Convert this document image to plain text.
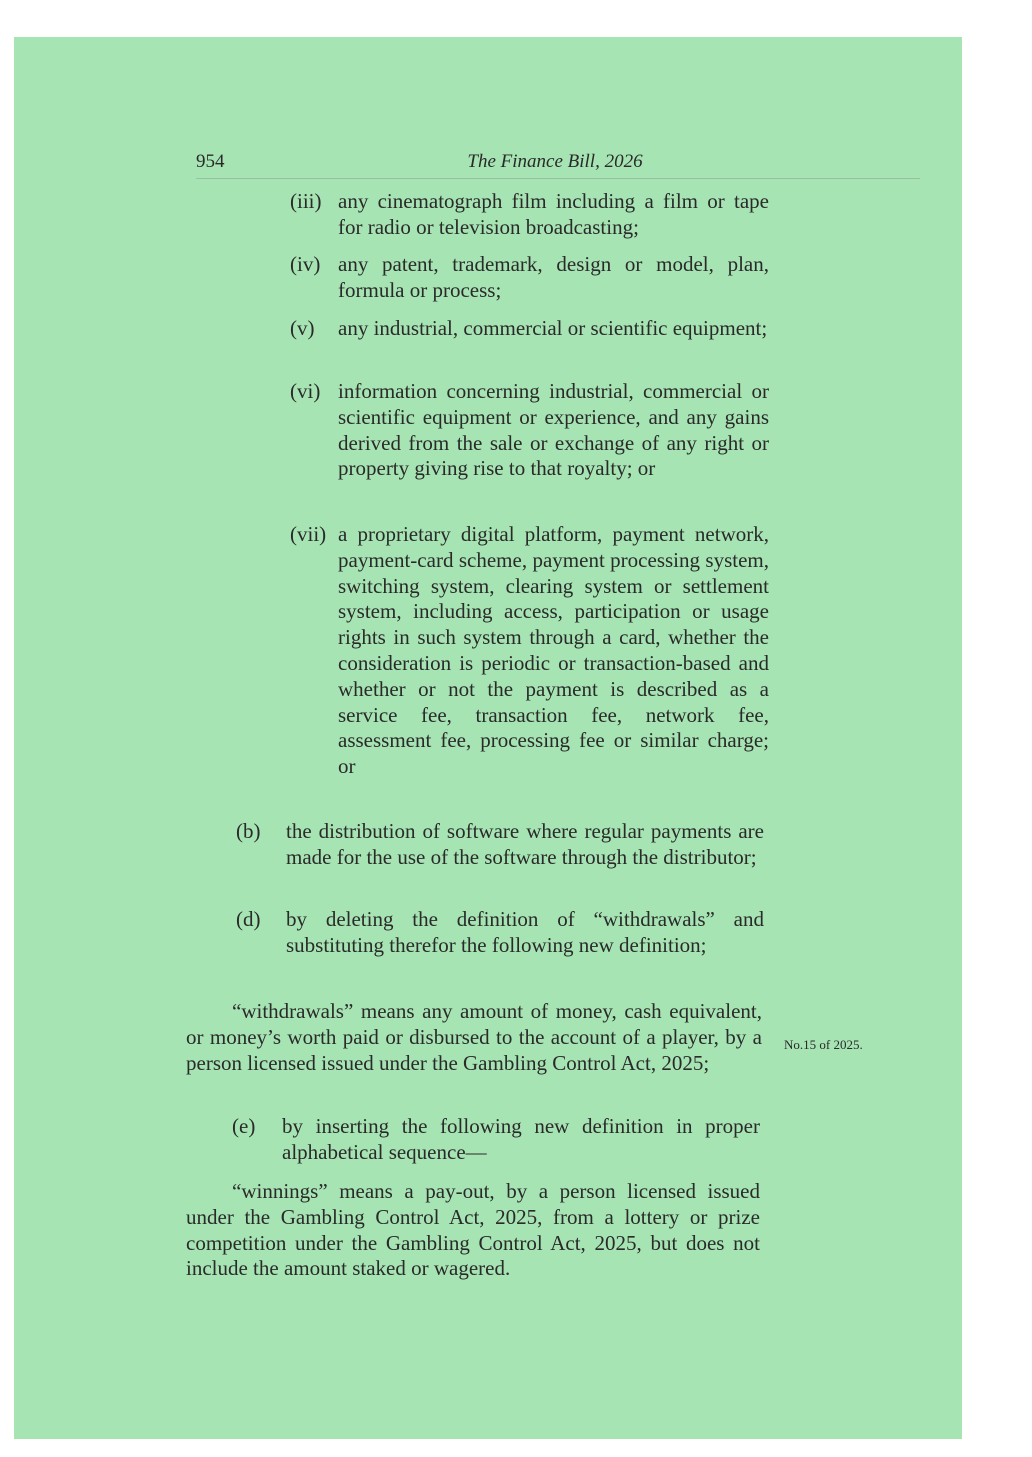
954	The Finance Bill, 2026
(iii) any cinematograph film including a film or tape for radio or television broadcasting;
(iv) any patent, trademark, design or model, plan, formula or process;
(v) any industrial, commercial or scientific equipment;
(vi) information concerning industrial, commercial or scientific equipment or experience, and any gains derived from the sale or exchange of any right or property giving rise to that royalty; or
(vii) a proprietary digital platform, payment network, payment-card scheme, payment processing system, switching system, clearing system or settlement system, including access, participation or usage rights in such system through a card, whether the consideration is periodic or transaction-based and whether or not the payment is described as a service fee, transaction fee, network fee, assessment fee, processing fee or similar charge; or
(b) the distribution of software where regular payments are made for the use of the software through the distributor;
(d) by deleting the definition of “withdrawals” and substituting therefor the following new definition;
“withdrawals” means any amount of money, cash equivalent, or money’s worth paid or disbursed to the account of a player, by a person licensed issued under the Gambling Control Act, 2025;
No.15 of 2025.
(e) by inserting the following new definition in proper alphabetical sequence—
“winnings” means a pay-out, by a person licensed issued under the Gambling Control Act, 2025, from a lottery or prize competition under the Gambling Control Act, 2025, but does not include the amount staked or wagered.
